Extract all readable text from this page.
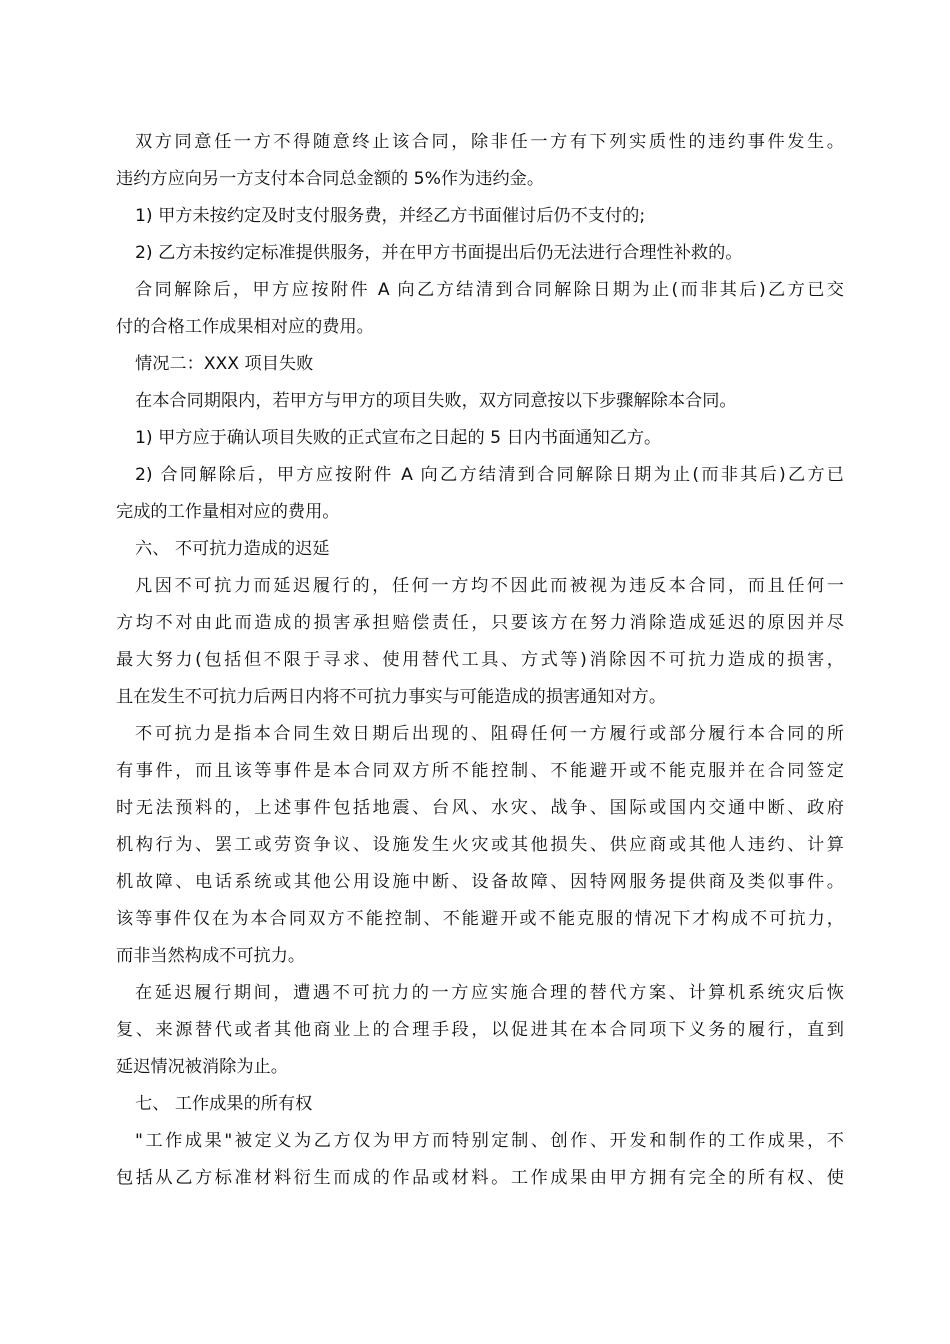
双方同意任一方不得随意终止该合同，除非任一方有下列实质性的违约事件发生。
违约方应向另一方支付本合同总金额的 5%作为违约金。
1) 甲方未按约定及时支付服务费，并经乙方书面催讨后仍不支付的;
2) 乙方未按约定标准提供服务，并在甲方书面提出后仍无法进行合理性补救的。
合同解除后，甲方应按附件 A 向乙方结清到合同解除日期为止(而非其后)乙方已交
付的合格工作成果相对应的费用。
情况二：XXX 项目失败
在本合同期限内，若甲方与甲方的项目失败，双方同意按以下步骤解除本合同。
1) 甲方应于确认项目失败的正式宣布之日起的 5 日内书面通知乙方。
2) 合同解除后，甲方应按附件 A 向乙方结清到合同解除日期为止(而非其后)乙方已
完成的工作量相对应的费用。
六、 不可抗力造成的迟延
凡因不可抗力而延迟履行的，任何一方均不因此而被视为违反本合同，而且任何一
方均不对由此而造成的损害承担赔偿责任，只要该方在努力消除造成延迟的原因并尽
最大努力(包括但不限于寻求、使用替代工具、方式等)消除因不可抗力造成的损害，
且在发生不可抗力后两日内将不可抗力事实与可能造成的损害通知对方。
不可抗力是指本合同生效日期后出现的、阻碍任何一方履行或部分履行本合同的所
有事件，而且该等事件是本合同双方所不能控制、不能避开或不能克服并在合同签定
时无法预料的，上述事件包括地震、台风、水灾、战争、国际或国内交通中断、政府
机构行为、罢工或劳资争议、设施发生火灾或其他损失、供应商或其他人违约、计算
机故障、电话系统或其他公用设施中断、设备故障、因特网服务提供商及类似事件。
该等事件仅在为本合同双方不能控制、不能避开或不能克服的情况下才构成不可抗力，
而非当然构成不可抗力。
在延迟履行期间，遭遇不可抗力的一方应实施合理的替代方案、计算机系统灾后恢
复、来源替代或者其他商业上的合理手段，以促进其在本合同项下义务的履行，直到
延迟情况被消除为止。
七、 工作成果的所有权
"工作成果"被定义为乙方仅为甲方而特别定制、创作、开发和制作的工作成果，不
包括从乙方标准材料衍生而成的作品或材料。工作成果由甲方拥有完全的所有权、使
